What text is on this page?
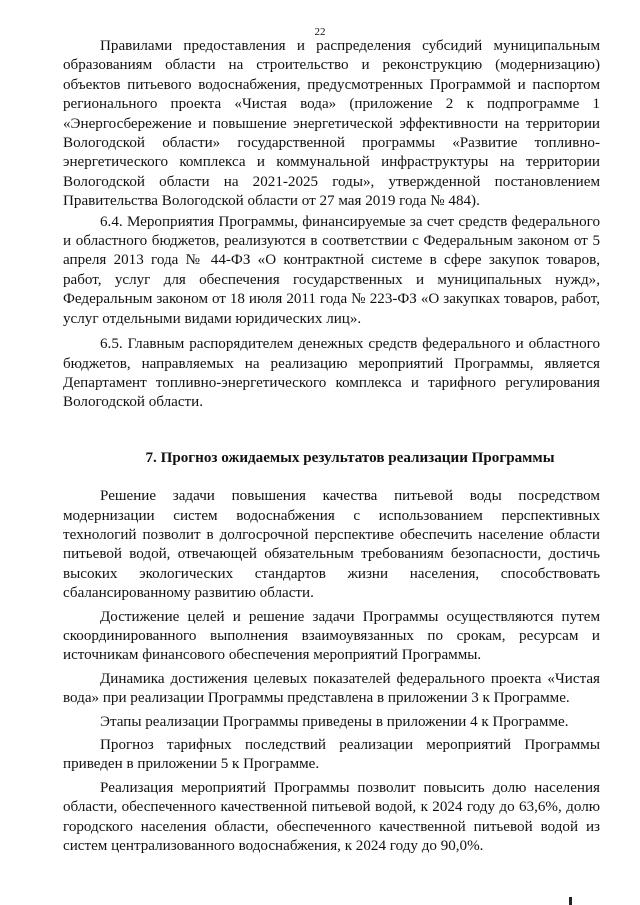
22

Правилами предоставления и распределения субсидий муниципальным образованиям области на строительство и реконструкцию (модернизацию) объектов питьевого водоснабжения, предусмотренных Программой и паспортом регионального проекта «Чистая вода» (приложение 2 к подпрограмме 1 «Энергосбережение и повышение энергетической эффективности на территории Вологодской области» государственной программы «Развитие топливно-энергетического комплекса и коммунальной инфраструктуры на территории Вологодской области на 2021-2025 годы», утвержденной постановлением Правительства Вологодской области от 27 мая 2019 года № 484).

6.4. Мероприятия Программы, финансируемые за счет средств федерального и областного бюджетов, реализуются в соответствии с Федеральным законом от 5 апреля 2013 года № 44-ФЗ «О контрактной системе в сфере закупок товаров, работ, услуг для обеспечения государственных и муниципальных нужд», Федеральным законом от 18 июля 2011 года № 223-ФЗ «О закупках товаров, работ, услуг отдельными видами юридических лиц».

6.5. Главным распорядителем денежных средств федерального и областного бюджетов, направляемых на реализацию мероприятий Программы, является Департамент топливно-энергетического комплекса и тарифного регулирования Вологодской области.

7. Прогноз ожидаемых результатов реализации Программы

Решение задачи повышения качества питьевой воды посредством модернизации систем водоснабжения с использованием перспективных технологий позволит в долгосрочной перспективе обеспечить население области питьевой водой, отвечающей обязательным требованиям безопасности, достичь высоких экологических стандартов жизни населения, способствовать сбалансированному развитию области.

Достижение целей и решение задачи Программы осуществляются путем скоординированного выполнения взаимоувязанных по срокам, ресурсам и источникам финансового обеспечения мероприятий Программы.

Динамика достижения целевых показателей федерального проекта «Чистая вода» при реализации Программы представлена в приложении 3 к Программе.

Этапы реализации Программы приведены в приложении 4 к Программе.

Прогноз тарифных последствий реализации мероприятий Программы приведен в приложении 5 к Программе.

Реализация мероприятий Программы позволит повысить долю населения области, обеспеченного качественной питьевой водой, к 2024 году до 63,6%, долю городского населения области, обеспеченного качественной питьевой водой из систем централизованного водоснабжения, к 2024 году до 90,0%.
